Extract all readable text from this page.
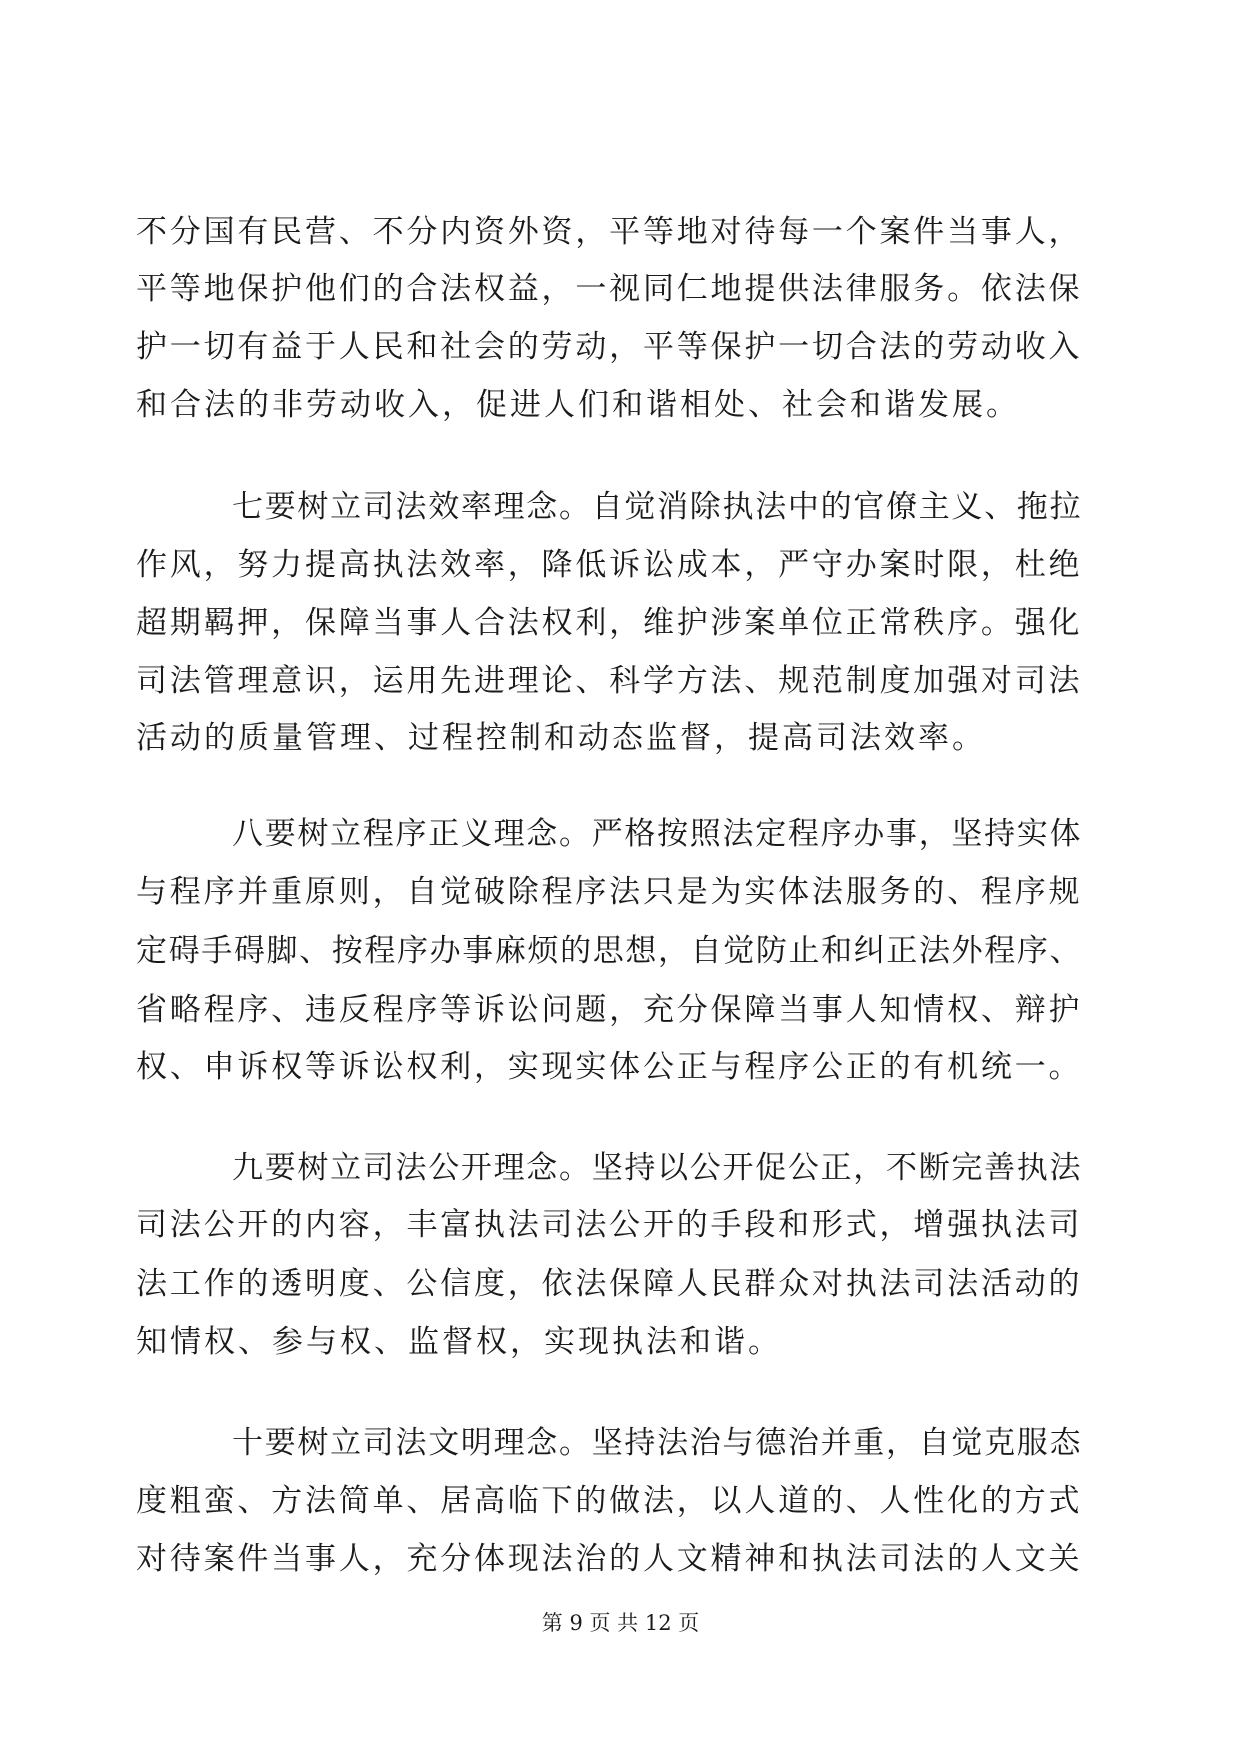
不分国有民营、不分内资外资，平等地对待每一个案件当事人，
平等地保护他们的合法权益，一视同仁地提供法律服务。依法保
护一切有益于人民和社会的劳动，平等保护一切合法的劳动收入
和合法的非劳动收入，促进人们和谐相处、社会和谐发展。
七要树立司法效率理念。自觉消除执法中的官僚主义、拖拉
作风，努力提高执法效率，降低诉讼成本，严守办案时限，杜绝
超期羁押，保障当事人合法权利，维护涉案单位正常秩序。强化
司法管理意识，运用先进理论、科学方法、规范制度加强对司法
活动的质量管理、过程控制和动态监督，提高司法效率。
八要树立程序正义理念。严格按照法定程序办事，坚持实体
与程序并重原则，自觉破除程序法只是为实体法服务的、程序规
定碍手碍脚、按程序办事麻烦的思想，自觉防止和纠正法外程序、
省略程序、违反程序等诉讼问题，充分保障当事人知情权、辩护
权、申诉权等诉讼权利，实现实体公正与程序公正的有机统一。
九要树立司法公开理念。坚持以公开促公正，不断完善执法
司法公开的内容，丰富执法司法公开的手段和形式，增强执法司
法工作的透明度、公信度，依法保障人民群众对执法司法活动的
知情权、参与权、监督权，实现执法和谐。
十要树立司法文明理念。坚持法治与德治并重，自觉克服态
度粗蛮、方法简单、居高临下的做法，以人道的、人性化的方式
对待案件当事人，充分体现法治的人文精神和执法司法的人文关
第 9 页 共 12 页
